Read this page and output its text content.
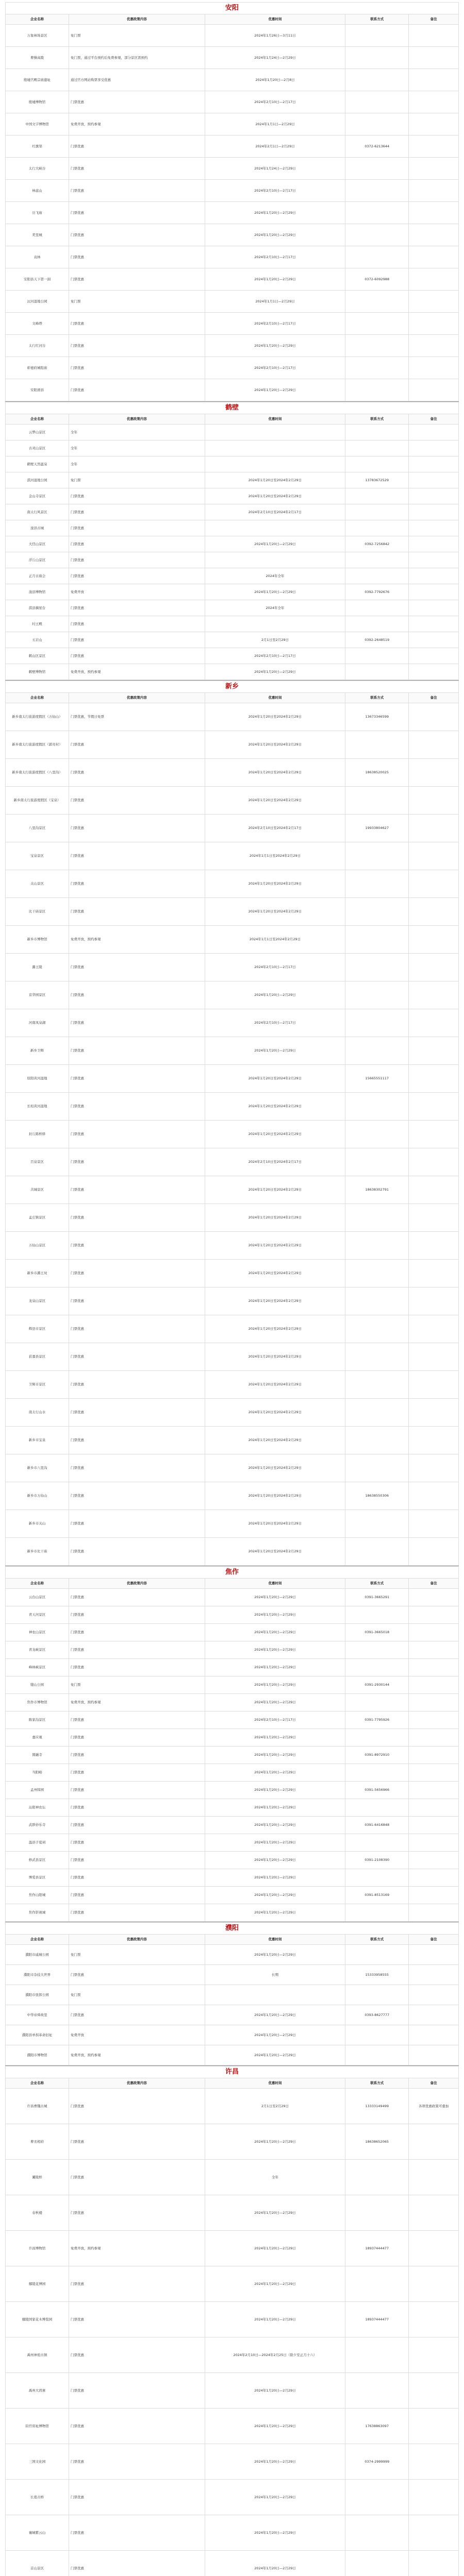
安阳
企业名称	优惠政策内容	优惠时间	联系方式	备注
万象林场景区	免门票	2024年1月26日—3月11日		
曹操高陵	免门票，通过平台预约后免费参观，部分景区需预约	2024年1月24日—2月29日		
殷墟宫殿宗庙遗址	通过官方网站购票享受优惠	2024年1月20日—2月8日		
殷墟博物馆	门票优惠	2024年2月10日—2月17日		
中国文字博物馆	免费开放，预约参观	2024年1月1日—2月29日		
红旗渠	门票优惠	2024年2月1日—2月29日	0372-6213644	
太行大峡谷	门票优惠	2024年1月24日—2月29日		
林虑山	门票优惠	2024年2月10日—2月17日		
岳飞庙	门票优惠	2024年1月20日—2月29日		
羑里城	门票优惠	2024年1月20日—2月29日		
袁林	门票优惠	2024年2月10日—2月17日		
安阳县天下第一洞	门票优惠	2024年1月20日—2月29日	0372-6092988	
洹河湿地公园	免门票	2024年1月1日—2月29日		
文峰塔	门票优惠	2024年2月10日—2月17日		
太行红河谷	门票优惠	2024年1月20日—2月29日		
彰德府城隍庙	门票优惠	2024年2月10日—2月17日		
安阳滑县	门票优惠	2024年1月20日—2月29日		
鹤壁
企业名称	优惠政策内容	优惠时间	联系方式	备注
云梦山景区	全年			
古灵山景区	全年			
鹤壁天然温泉	全年			
淇河湿地公园	免门票	2024年1月20日至2024年2月29日	13783672529	
金山寺景区	门票优惠	2024年1月20日至2024年2月29日		
南太行风景区	门票优惠	2024年2月10日至2024年2月17日		
浚县古城	门票优惠			
大伾山景区	门票优惠	2024年1月20日—2月29日	0392-7256842	
浮丘山景区	门票优惠			
正月古庙会	门票优惠	2024年全年		
浚县博物馆	免费开放	2024年1月20日—2月29日	0392-7792676	
淇县摘星台	门票优惠	2024年全年		
纣王殿	门票优惠			
五岩山	门票优惠	2月1日至2月29日	0392-2648519	
鹤山区景区	门票优惠	2024年2月10日—2月17日		
鹤壁博物馆	免费开放，预约参观	2024年1月20日—2月29日		
新乡
企业名称	优惠政策内容	优惠时间	联系方式	备注
新乡南太行旅游度假区（万仙山）	门票优惠，节假日免票	2024年1月20日至2024年2月29日	13673346599	
新乡南太行旅游度假区（郭亮村）	门票优惠	2024年1月20日至2024年2月29日		
新乡南太行旅游度假区（八里沟）	门票优惠	2024年1月20日至2024年2月29日	18638520025	
新乡南太行旅游度假区（宝泉）	门票优惠	2024年1月20日至2024年2月29日		
八里沟景区	门票优惠	2024年2月10日至2024年2月17日	19933804627	
宝泉景区	门票优惠	2024年1月1日至2024年2月29日		
关山景区	门票优惠	2024年1月20日至2024年2月29日		
比干庙景区	门票优惠	2024年1月20日至2024年2月29日		
新乡市博物馆	免费开放，预约参观	2024年1月1日至2024年2月29日		
潞王陵	门票优惠	2024年2月10日—2月17日		
京华园景区	门票优惠	2024年1月20日—2月29日		
河南凤泉湖	门票优惠	2024年2月10日—2月17日		
新乡卫辉	门票优惠	2024年1月20日—2月29日		
原阳黄河湿地	门票优惠	2024年1月20日至2024年2月29日	15665551117	
长垣黄河湿地	门票优惠	2024年1月20日至2024年2月29日		
封丘陈桥驿	门票优惠	2024年1月20日至2024年2月29日		
百泉景区	门票优惠	2024年2月10日至2024年2月17日		
共城景区	门票优惠	2024年1月20日至2024年2月29日	18638302791	
孟庄镇景区	门票优惠	2024年1月20日至2024年2月29日		
万仙山景区	门票优惠	2024年1月20日至2024年2月29日		
新乡市潞王坟	门票优惠	2024年1月20日至2024年2月29日		
龙泉山景区	门票优惠	2024年1月20日至2024年2月29日		
辉县市景区	门票优惠	2024年1月20日至2024年2月29日		
获嘉县景区	门票优惠	2024年1月20日至2024年2月29日		
卫辉市景区	门票优惠	2024年1月20日至2024年2月29日		
南太行山水	门票优惠	2024年1月20日至2024年2月29日		
新乡市宝泉	门票优惠	2024年1月20日至2024年2月29日		
新乡市八里沟	门票优惠	2024年1月20日至2024年2月29日		
新乡市万仙山	门票优惠	2024年1月20日至2024年2月29日	18638550306	
新乡市关山	门票优惠	2024年1月20日至2024年2月29日		
新乡市比干庙	门票优惠	2024年1月20日至2024年2月29日		
焦作
企业名称	优惠政策内容	优惠时间	联系方式	备注
云台山景区	门票优惠	2024年1月20日—2月29日	0391-3665291	
青天河景区	门票优惠	2024年1月20日—2月29日		
神农山景区	门票优惠	2024年1月20日—2月29日	0391-3665018	
青龙峡景区	门票优惠	2024年1月20日—2月29日		
峰林峡景区	门票优惠	2024年1月20日—2月29日		
缝山公园	免门票	2024年1月20日—2月29日	0391-2930144	
焦作市博物馆	免费开放，预约参观	2024年1月20日—2月29日		
陈家沟景区	门票优惠	2024年2月10日—2月17日	0391-7795926	
嘉应观	门票优惠	2024年1月20日—2月29日		
圆融寺	门票优惠	2024年1月20日—2月29日	0391-8972910	
当阳峪	门票优惠	2024年1月20日—2月29日		
孟州韩园	门票优惠	2024年1月20日—2月29日	0391-5656966	
沁阳神农坛	门票优惠	2024年1月20日—2月29日		
武陟妙乐寺	门票优惠	2024年1月20日—2月29日	0391-6416848	
温县子夏祠	门票优惠	2024年1月20日—2月29日		
修武县景区	门票优惠	2024年1月20日—2月29日	0391-2108390	
博爱县景区	门票优惠	2024年1月20日—2月29日		
焦作山阳城	门票优惠	2024年1月20日—2月29日	0391-8513169	
焦作影视城	门票优惠	2024年1月20日—2月29日		
濮阳
企业名称	优惠政策内容	优惠时间	联系方式	备注
濮阳市戚城公园	免门票	2024年1月20日—2月29日		
濮阳市杂技大世界	门票优惠	长期	15333958555	
濮阳市张挥公园	免门票			
中华帝舜故里	门票优惠	2024年1月20日—2月29日	0393-8627777	
濮阳县单拐革命旧址	免费开放	2024年1月20日—2月29日		
濮阳市博物馆	免费开放，预约参观	2024年1月20日—2月29日		
许昌
企业名称	优惠政策内容	优惠时间	联系方式	备注
许昌曹魏古城	门票优惠	2月1日至2月29日	13333149499	各项优惠政策可叠加
曹丞相府	门票优惠	2024年1月20日—2月29日	18638652065	
灞陵桥	门票优惠	全年		
春秋楼	门票优惠	2024年1月20日—2月29日		
许昌博物馆	免费开放，预约参观	2024年1月20日—2月29日	18937444477	
鄢陵花博园	门票优惠	2024年1月20日—2月29日		
鄢陵国家花木博览园	门票优惠	2024年1月20日—2月29日	18937444477	
禹州神垕古镇	门票优惠	2024年2月10日—2024年2月25日（除夕至正月十六）		
禹州大鸿寨	门票优惠	2024年1月20日—2月29日		
钧官窑址博物馆	门票优惠	2024年1月20日—2月29日	17638863097	
三国文化园	门票优惠	2024年1月20日—2月29日	0374-2999999	
长葛古桥	门票优惠	2024年1月20日—2月29日		
襄城紫云山	门票优惠	2024年1月20日—2月29日		
首山景区	门票优惠	2024年1月20日—2月29日		
